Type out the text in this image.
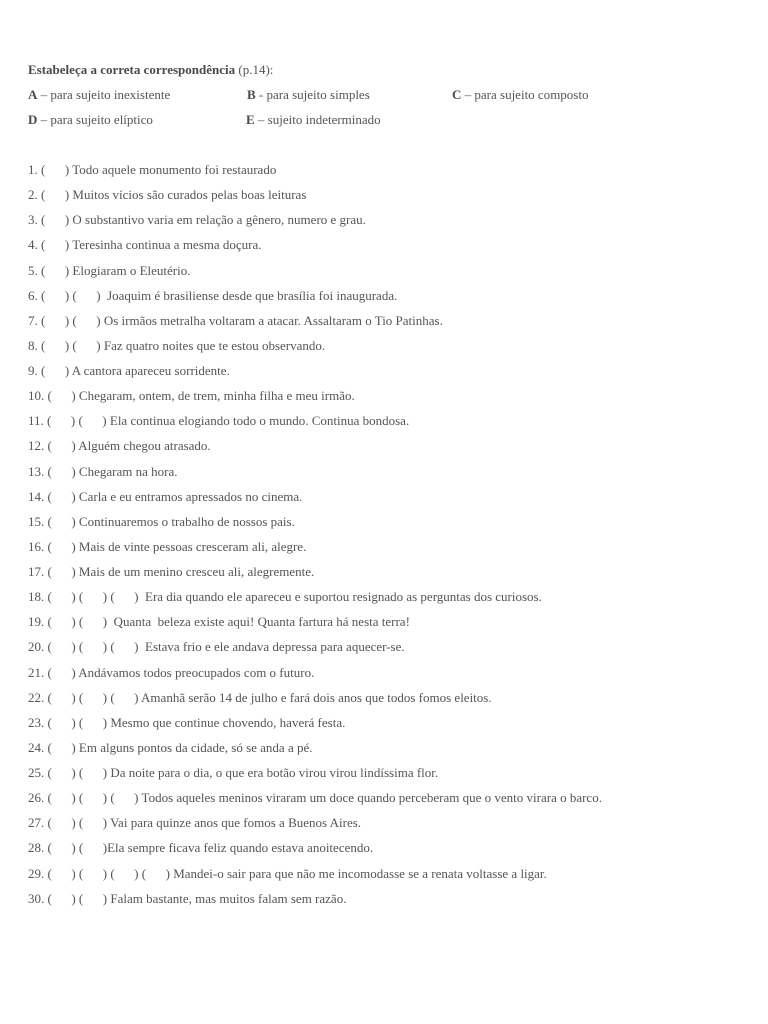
Estabeleça a correta correspondência (p.14):
A – para sujeito inexistente	B - para sujeito simples	C – para sujeito composto
D – para sujeito elíptico	E – sujeito indeterminado
1. (      ) Todo aquele monumento foi restaurado
2. (      ) Muitos vícios são curados pelas boas leituras
3. (      ) O substantivo varia em relação a gênero, numero e grau.
4. (      ) Teresinha continua a mesma doçura.
5. (      ) Elogiaram o Eleutério.
6. (      ) (      )  Joaquim é brasiliense desde que brasília foi inaugurada.
7. (      ) (      ) Os irmãos metralha voltaram a atacar. Assaltaram o Tio Patinhas.
8. (      ) (      ) Faz quatro noites que te estou observando.
9. (      ) A cantora apareceu sorridente.
10. (      ) Chegaram, ontem, de trem, minha filha e meu irmão.
11. (      ) (      ) Ela continua elogiando todo o mundo. Continua bondosa.
12. (      ) Alguém chegou atrasado.
13. (      ) Chegaram na hora.
14. (      ) Carla e eu entramos apressados no cinema.
15. (      ) Continuaremos o trabalho de nossos pais.
16. (      ) Mais de vinte pessoas cresceram ali, alegre.
17. (      ) Mais de um menino cresceu ali, alegremente.
18. (      ) (      ) (      )  Era dia quando ele apareceu e suportou resignado as perguntas dos curiosos.
19. (      ) (      )  Quanta  beleza existe aqui! Quanta fartura há nesta terra!
20. (      ) (      ) (      )  Estava frio e ele andava depressa para aquecer-se.
21. (      ) Andávamos todos preocupados com o futuro.
22. (      ) (      ) (      ) Amanhã serão 14 de julho e fará dois anos que todos fomos eleitos.
23. (      ) (      ) Mesmo que continue chovendo, haverá festa.
24. (      ) Em alguns pontos da cidade, só se anda a pé.
25. (      ) (      ) Da noite para o dia, o que era botão virou virou lindíssima flor.
26. (      ) (      ) (      ) Todos aqueles meninos viraram um doce quando perceberam que o vento virara o barco.
27. (      ) (      ) Vai para quinze anos que fomos a Buenos Aires.
28. (      ) (      )Ela sempre ficava feliz quando estava anoitecendo.
29. (      ) (      ) (      ) (      ) Mandei-o sair para que não me incomodasse se a renata voltasse a ligar.
30. (      ) (      ) Falam bastante, mas muitos falam sem razão.
